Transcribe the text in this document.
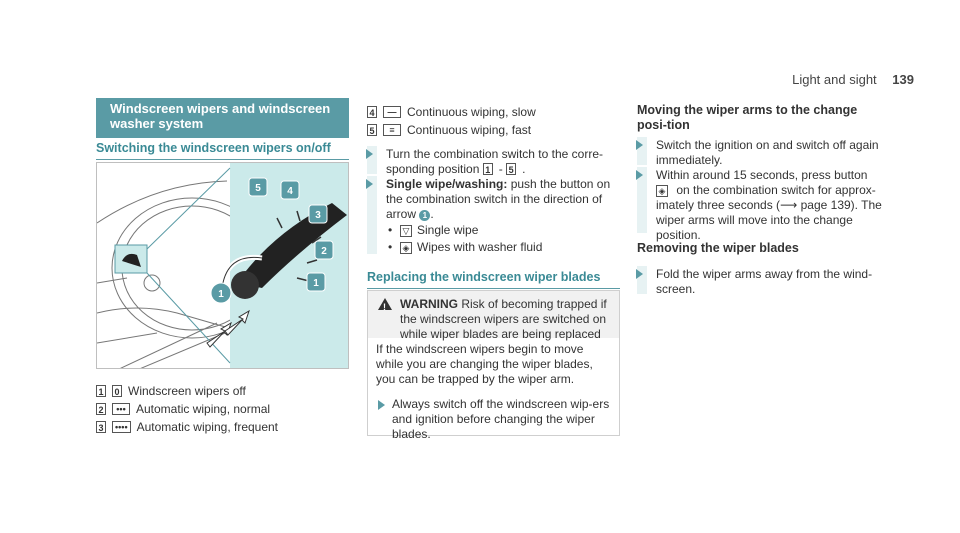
Light and sight 139
Windscreen wipers and windscreen washer system
Switching the windscreen wipers on/off
5	4
3
2
1
1
1 0 Windscreen wipers off
2	••• Automatic wiping, normal
3	•••• Automatic wiping, frequent
4	— Continuous wiping, slow
5	≡	Continuous wiping, fast
Turn the combination switch to the corre-sponding position 1 - 5 .
Single wipe/washing: push the button on the combination switch in the direction of arrow 1 .
• ▽ Single wipe
• ◈ Wipes with washer fluid
Replacing the windscreen wiper blades
!
WARNING Risk of becoming trapped if the windscreen wipers are switched on while wiper blades are being replaced
If the windscreen wipers begin to move while you are changing the wiper blades, you can be trapped by the wiper arm.
Always switch off the windscreen wip-ers and ignition before changing the wiper blades.
Moving the wiper arms to the change posi-tion
Switch the ignition on and switch off again immediately.
Within around 15 seconds, press button ◈ on the combination switch for approx-imately three seconds (⟶ page 139). The wiper arms will move into the change position.
Removing the wiper blades
Fold the wiper arms away from the wind-screen.
